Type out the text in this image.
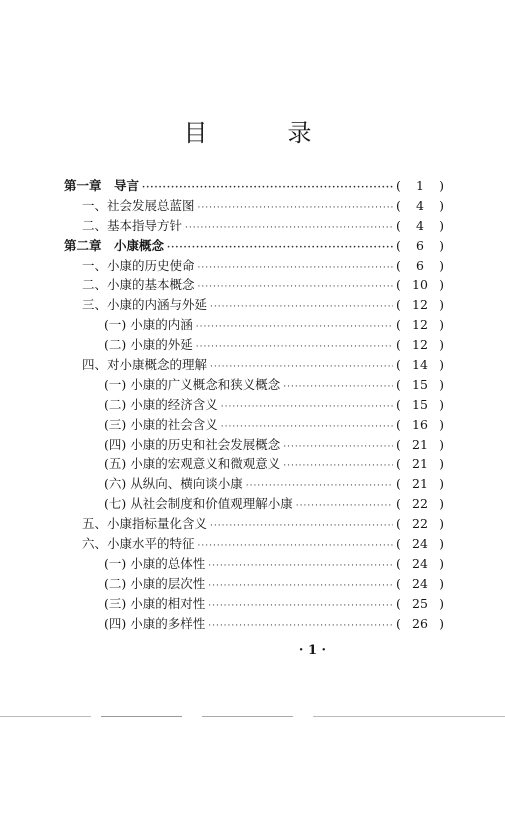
目　录
第一章　导言 ·····	( 1 )
一、社会发展总蓝图 ·····	( 4 )
二、基本指导方针 ·····	( 4 )
第二章　小康概念 ·····	( 6 )
一、小康的历史使命 ·····	( 6 )
二、小康的基本概念 ·····	( 10 )
三、小康的内涵与外延 ·····	( 12 )
(一) 小康的内涵 ·····	( 12 )
(二) 小康的外延 ·····	( 12 )
四、对小康概念的理解 ·····	( 14 )
(一) 小康的广义概念和狭义概念 ·····	( 15 )
(二) 小康的经济含义 ·····	( 15 )
(三) 小康的社会含义 ·····	( 16 )
(四) 小康的历史和社会发展概念 ·····	( 21 )
(五) 小康的宏观意义和微观意义 ·····	( 21 )
(六) 从纵向、横向谈小康 ·····	( 21 )
(七) 从社会制度和价值观理解小康 ·····	( 22 )
五、小康指标量化含义 ·····	( 22 )
六、小康水平的特征 ·····	( 24 )
(一) 小康的总体性 ·····	( 24 )
(二) 小康的层次性 ·····	( 24 )
(三) 小康的相对性 ·····	( 25 )
(四) 小康的多样性 ·····	( 26 )
· 1 ·
